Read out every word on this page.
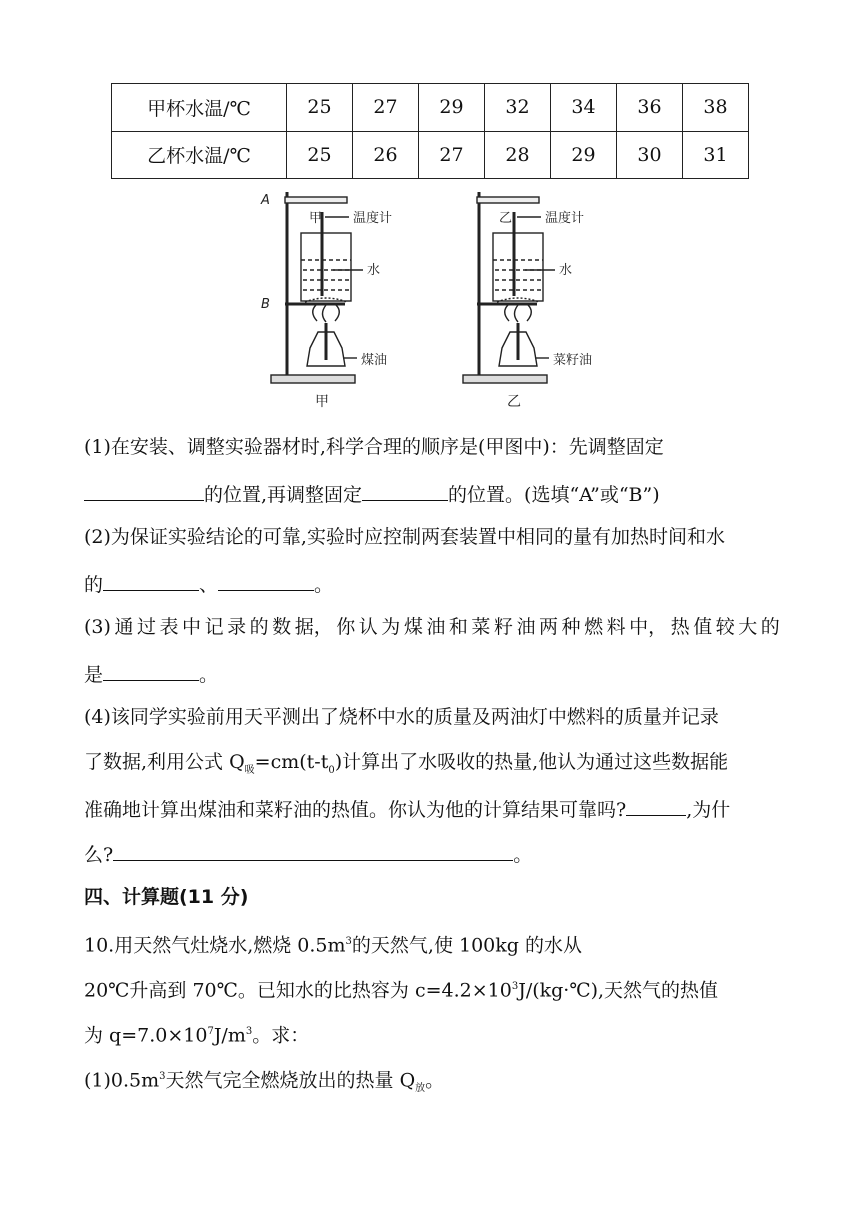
甲杯水温/℃	25	27	29	32	34	36	38
乙杯水温/℃	25	26	27	28	29	30	31
A
B
甲 温度计
水
煤油
甲
乙	温度计
水
菜籽油
乙
(1)在安装、调整实验器材时,科学合理的顺序是(甲图中)：先调整固定
的位置,再调整固定	的位置。(选填“A”或“B”)
(2)为保证实验结论的可靠,实验时应控制两套装置中相同的量有加热时间和水
的	、	。
(3) 通 过 表 中 记 录 的 数 据， 你 认 为 煤 油 和 菜 籽 油 两 种 燃 料 中， 热 值 较 大 的
是	。
(4)该同学实验前用天平测出了烧杯中水的质量及两油灯中燃料的质量并记录
了数据,利用公式 $Q_吸=cm(t-t_0)$计算出了水吸收的热量,他认为通过这些数据能
准确地计算出煤油和菜籽油的热值。你认为他的计算结果可靠吗?	,为什
么?	。
四、计算题(11 分)
10.用天然气灶烧水,燃烧 $0.5m^3$的天然气,使 100kg 的水从
20℃升高到 70℃。已知水的比热容为 $c=4.2\times 10^3J/(kg\cdot℃)$,天然气的热值
为 $q=7.0\times 10^7J/m^3$。求：
$(1)0.5m^3$天然气完全燃烧放出的热量 $Q_放$。
